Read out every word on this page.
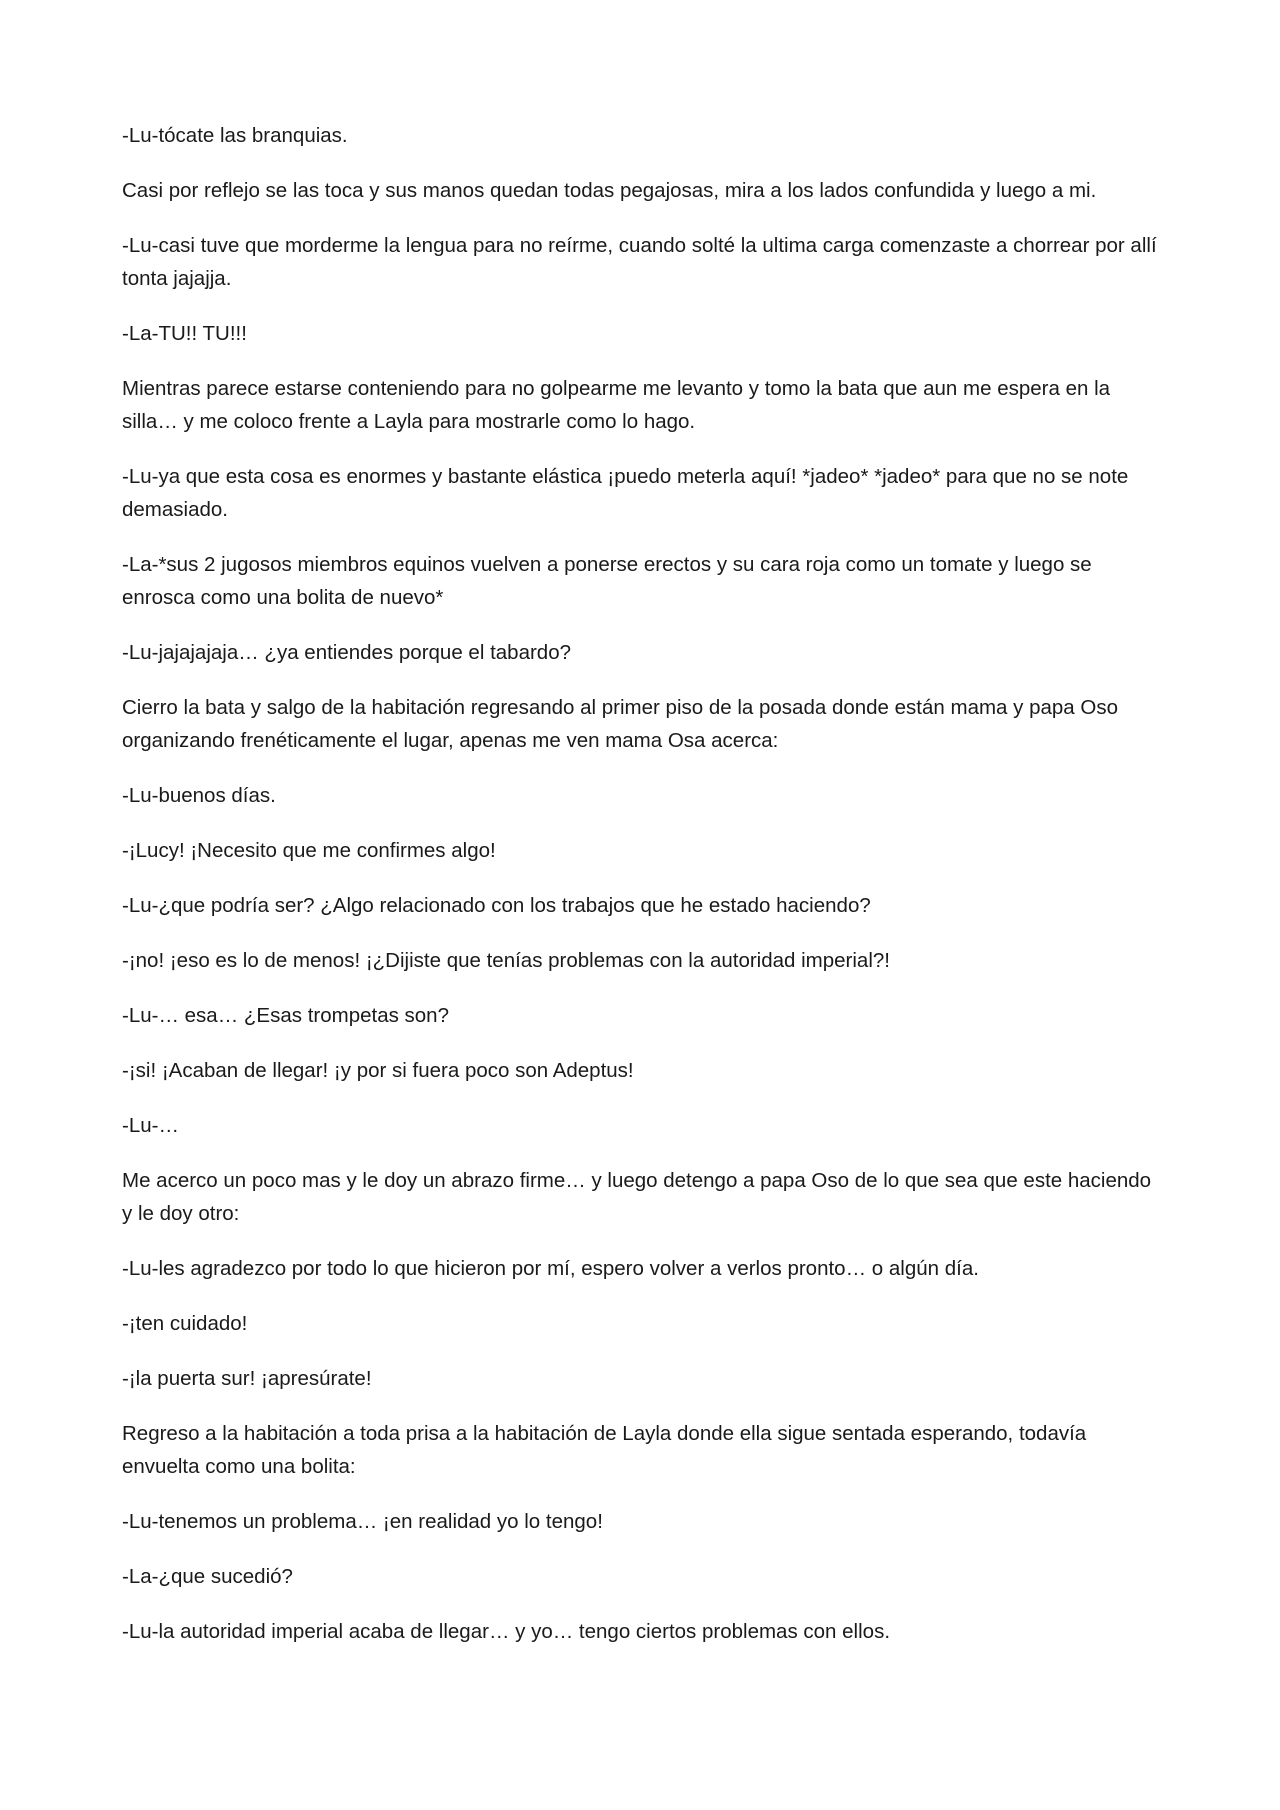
-Lu-tócate las branquias.

Casi por reflejo se las toca y sus manos quedan todas pegajosas, mira a los lados confundida y luego a mi.

-Lu-casi tuve que morderme la lengua para no reírme, cuando solté la ultima carga comenzaste a chorrear por allí tonta jajajja.

-La-TU!! TU!!!

Mientras parece estarse conteniendo para no golpearme me levanto y tomo la bata que aun me espera en la silla… y me coloco frente a Layla para mostrarle como lo hago.

-Lu-ya que esta cosa es enormes y bastante elástica ¡puedo meterla aquí! *jadeo* *jadeo* para que no se note demasiado.

-La-*sus 2 jugosos miembros equinos vuelven a ponerse erectos y su cara roja como un tomate y luego se enrosca como una bolita de nuevo*

-Lu-jajajajaja… ¿ya entiendes porque el tabardo?

Cierro la bata y salgo de la habitación regresando al primer piso de la posada donde están mama y papa Oso organizando frenéticamente el lugar, apenas me ven mama Osa acerca:

-Lu-buenos días.

-¡Lucy! ¡Necesito que me confirmes algo!

-Lu-¿que podría ser? ¿Algo relacionado con los trabajos que he estado haciendo?

-¡no! ¡eso es lo de menos! ¡¿Dijiste que tenías problemas con la autoridad imperial?!

-Lu-… esa… ¿Esas trompetas son?

-¡si! ¡Acaban de llegar! ¡y por si fuera poco son Adeptus!

-Lu-…

Me acerco un poco mas y le doy un abrazo firme… y luego detengo a papa Oso de lo que sea que este haciendo y le doy otro:

-Lu-les agradezco por todo lo que hicieron por mí, espero volver a verlos pronto… o algún día.

-¡ten cuidado!

-¡la puerta sur! ¡apresúrate!

Regreso a la habitación a toda prisa a la habitación de Layla donde ella sigue sentada esperando, todavía envuelta como una bolita:

-Lu-tenemos un problema… ¡en realidad yo lo tengo!

-La-¿que sucedió?

-Lu-la autoridad imperial acaba de llegar… y yo… tengo ciertos problemas con ellos.
